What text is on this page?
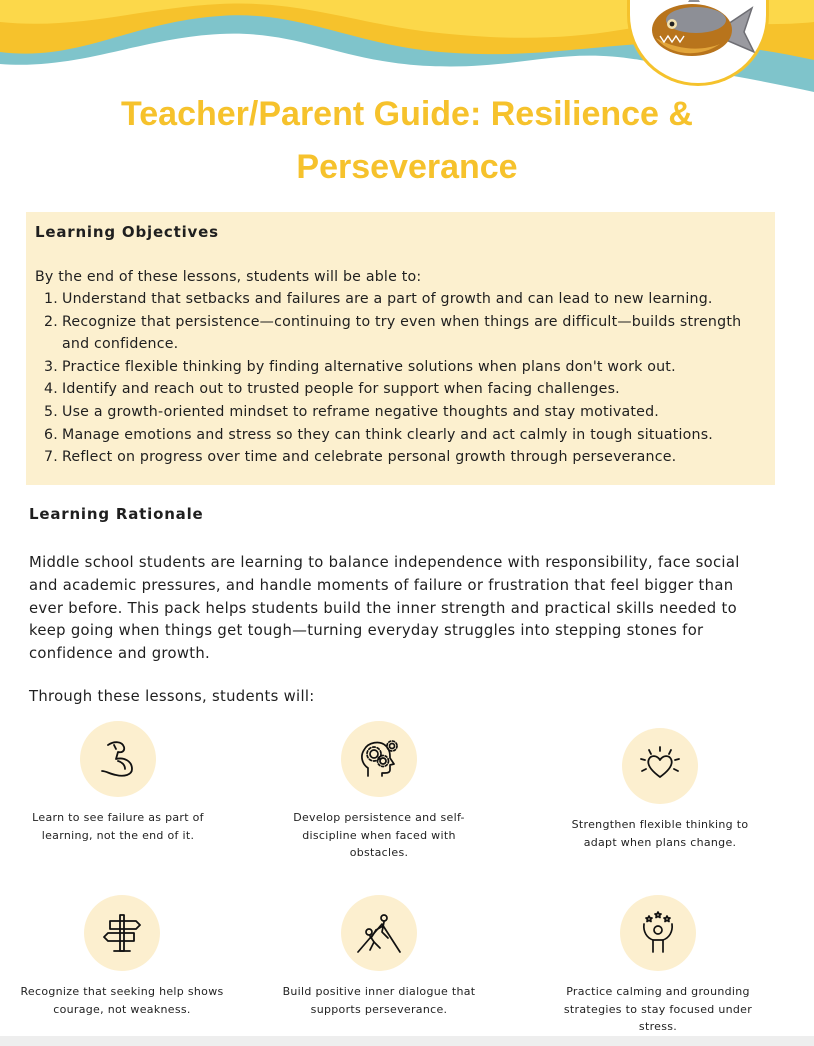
Teacher/Parent Guide: Resilience &
Perseverance
Learning Objectives

By the end of these lessons, students will be able to:

1. Understand that setbacks and failures are a part of growth and can lead to new learning.
2. Recognize that persistence—continuing to try even when things are difficult—builds strength and confidence.
3. Practice flexible thinking by finding alternative solutions when plans don't work out.
4. Identify and reach out to trusted people for support when facing challenges.
5. Use a growth-oriented mindset to reframe negative thoughts and stay motivated.
6. Manage emotions and stress so they can think clearly and act calmly in tough situations.
7. Reflect on progress over time and celebrate personal growth through perseverance.
Learning Rationale

Middle school students are learning to balance independence with responsibility, face social and academic pressures, and handle moments of failure or frustration that feel bigger than ever before. This pack helps students build the inner strength and practical skills needed to keep going when things get tough—turning everyday struggles into stepping stones for confidence and growth.

Through these lessons, students will:

Learn to see failure as part of learning, not the end of it.

Develop persistence and self-discipline when faced with obstacles.

Strengthen flexible thinking to adapt when plans change.

Recognize that seeking help shows courage, not weakness.

Build positive inner dialogue that supports perseverance.

Practice calming and grounding strategies to stay focused under stress.
